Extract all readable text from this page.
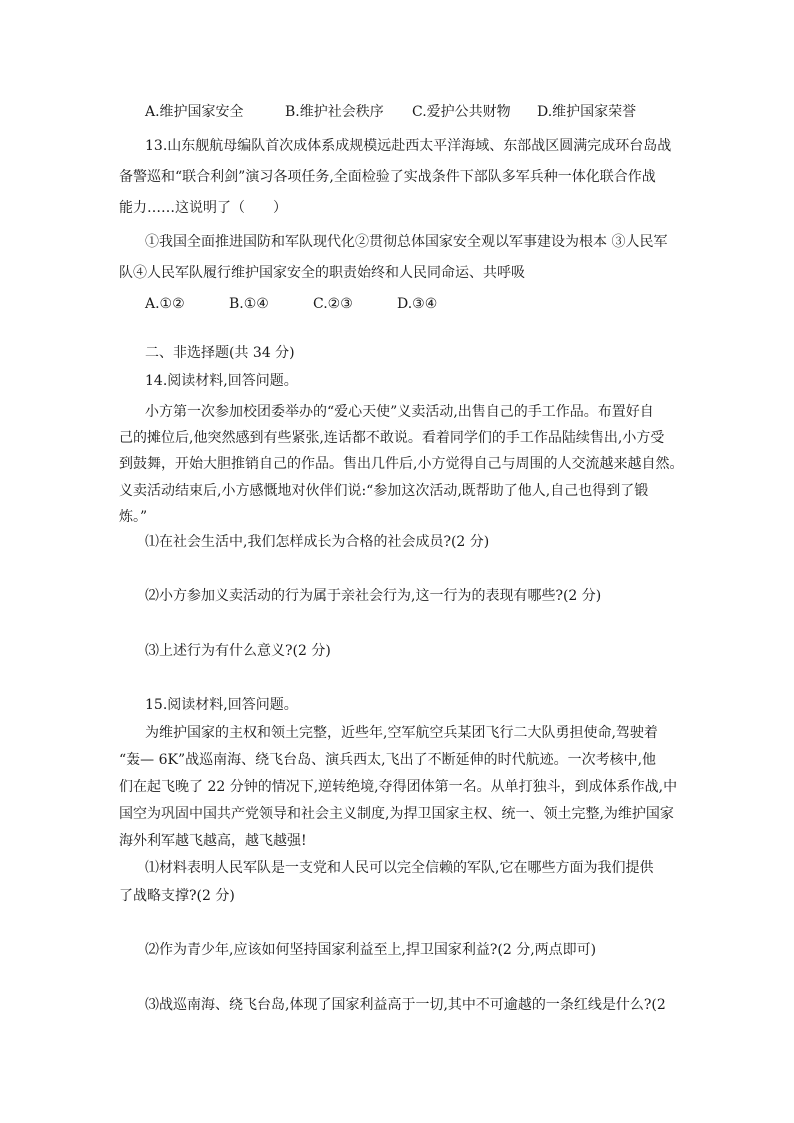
A.维护国家安全	B.维护社会秩序	C.爱护公共财物	D.维护国家荣誉
13.山东舰航母编队首次成体系成规模远赴西太平洋海域、东部战区圆满完成环台岛战
备警巡和“联合利剑”演习各项任务,全面检验了实战条件下部队多军兵种一体化联合作战
能力……这说明了（　　）
①我国全面推进国防和军队现代化②贯彻总体国家安全观以军事建设为根本 ③人民军
队④人民军队履行维护国家安全的职责始终和人民同命运、共呼吸
A.①②	B.①④	C.②③	D.③④
二、非选择题(共 34 分)
14.阅读材料,回答问题。
小方第一次参加校团委举办的“爱心天使”义卖活动,出售自己的手工作品。布置好自
己的摊位后,他突然感到有些紧张,连话都不敢说。看着同学们的手工作品陆续售出,小方受
到鼓舞，开始大胆推销自己的作品。售出几件后,小方觉得自己与周围的人交流越来越自然。
义卖活动结束后,小方感慨地对伙伴们说:“参加这次活动,既帮助了他人,自己也得到了锻
炼。”
⑴在社会生活中,我们怎样成长为合格的社会成员?(2 分)
⑵小方参加义卖活动的行为属于亲社会行为,这一行为的表现有哪些?(2 分)
⑶上述行为有什么意义?(2 分)
15.阅读材料,回答问题。
为维护国家的主权和领土完整，近些年,空军航空兵某团飞行二大队勇担使命,驾驶着
“轰— 6K”战巡南海、绕飞台岛、演兵西太,飞出了不断延伸的时代航迹。一次考核中,他
们在起飞晚了 22 分钟的情况下,逆转绝境,夺得团体第一名。从单打独斗，到成体系作战,中
国空为巩固中国共产党领导和社会主义制度,为捍卫国家主权、统一、领土完整,为维护国家
海外利军越飞越高，越飞越强!
⑴材料表明人民军队是一支党和人民可以完全信赖的军队,它在哪些方面为我们提供
了战略支撑?(2 分)
⑵作为青少年,应该如何坚持国家利益至上,捍卫国家利益?(2 分,两点即可)
⑶战巡南海、绕飞台岛,体现了国家利益高于一切,其中不可逾越的一条红线是什么?(2
